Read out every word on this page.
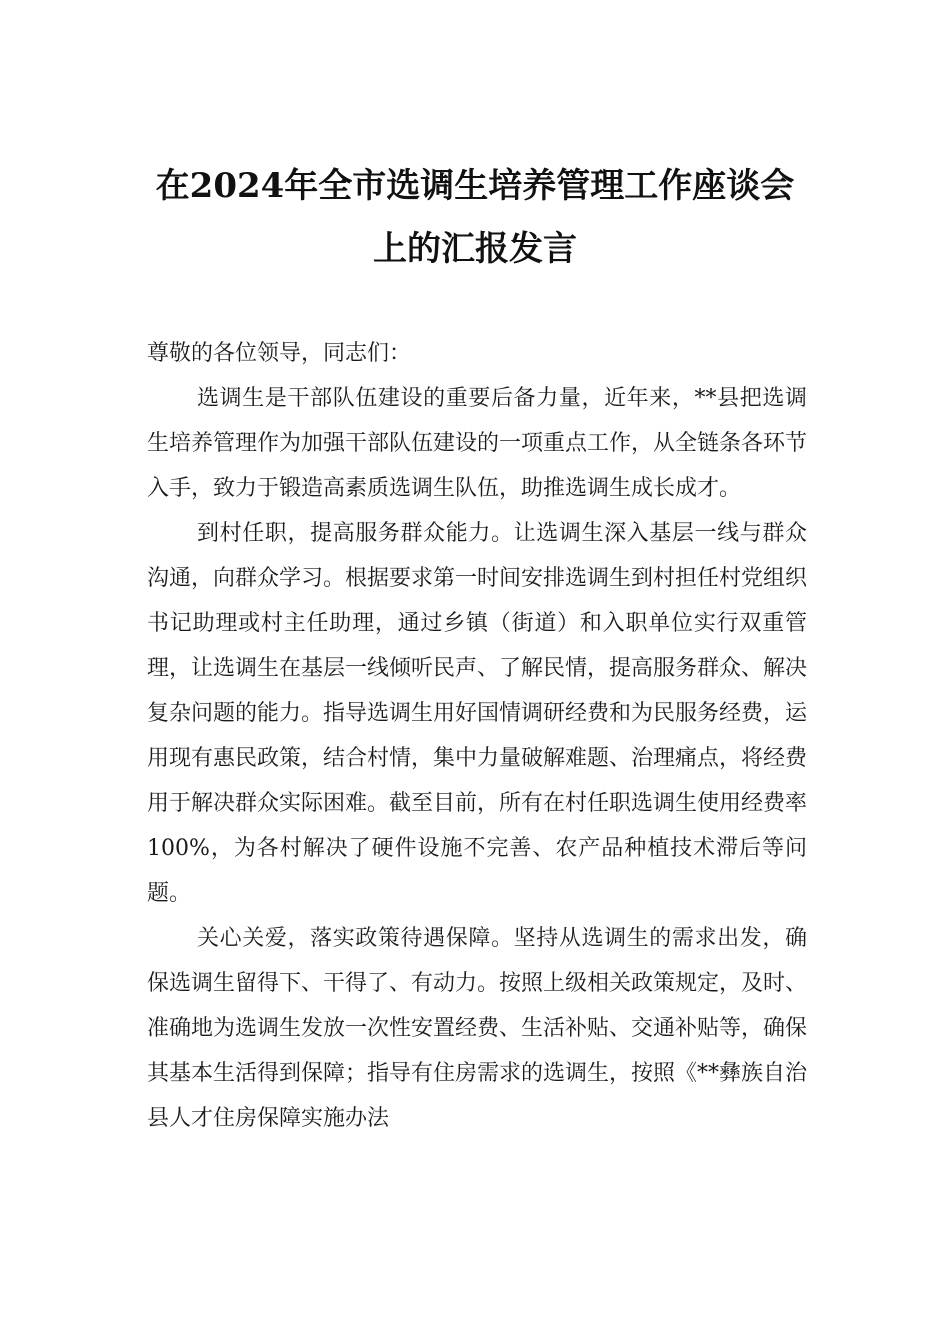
在2024年全市选调生培养管理工作座谈会
上的汇报发言

尊敬的各位领导，同志们：

选调生是干部队伍建设的重要后备力量，近年来，**县把选调生培养管理作为加强干部队伍建设的一项重点工作，从全链条各环节入手，致力于锻造高素质选调生队伍，助推选调生成长成才。

到村任职，提高服务群众能力。让选调生深入基层一线与群众沟通，向群众学习。根据要求第一时间安排选调生到村担任村党组织书记助理或村主任助理，通过乡镇（街道）和入职单位实行双重管理，让选调生在基层一线倾听民声、了解民情，提高服务群众、解决复杂问题的能力。指导选调生用好国情调研经费和为民服务经费，运用现有惠民政策，结合村情，集中力量破解难题、治理痛点，将经费用于解决群众实际困难。截至目前，所有在村任职选调生使用经费率100%，为各村解决了硬件设施不完善、农产品种植技术滞后等问题。

关心关爱，落实政策待遇保障。坚持从选调生的需求出发，确保选调生留得下、干得了、有动力。按照上级相关政策规定，及时、准确地为选调生发放一次性安置经费、生活补贴、交通补贴等，确保其基本生活得到保障；指导有住房需求的选调生，按照《**彝族自治县人才住房保障实施办法
